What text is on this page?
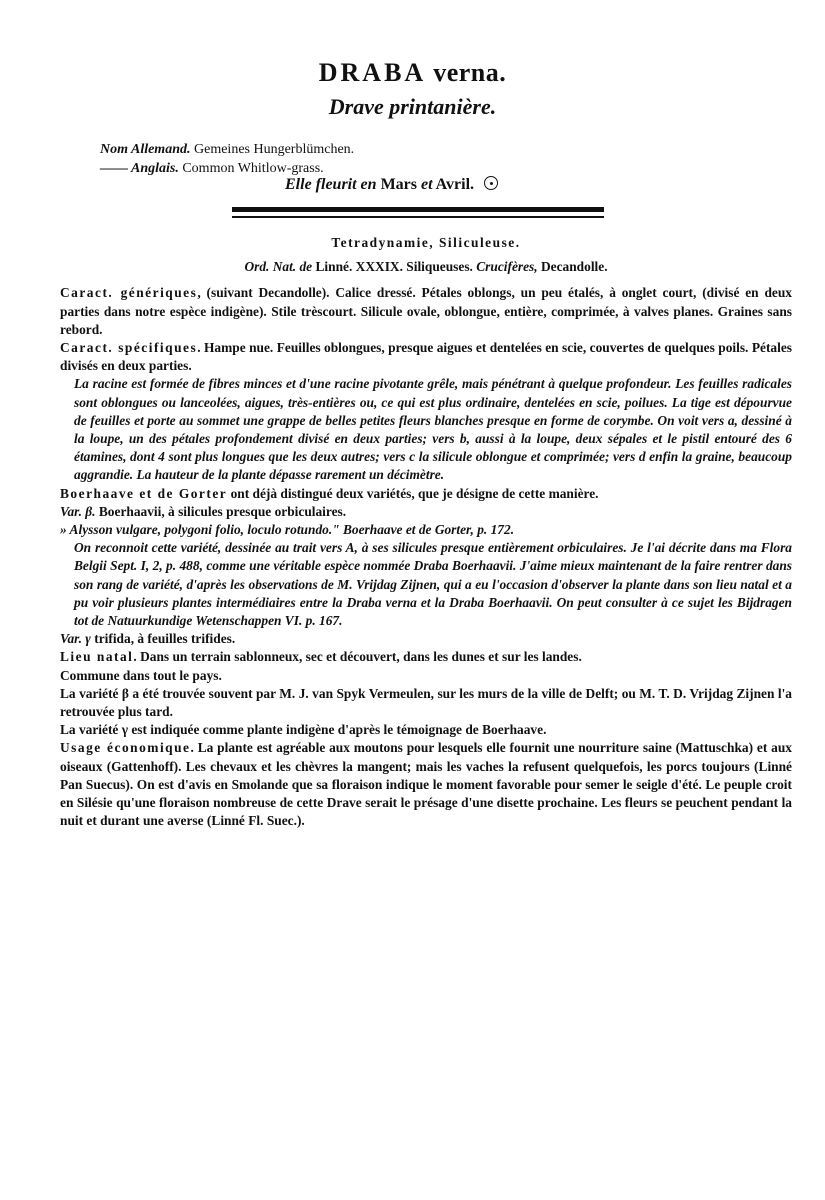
DRABA verna.
Drave printanière.
Nom Allemand. Gemeines Hungerblümchen.
—— Anglais. Common Whitlow-grass.
Elle fleurit en Mars et Avril.

Tetradynamie, Siliculeuse.

Ord. Nat. de Linné. XXXIX. Siliqueuses. Crucifères, Decandolle.

Caract. génériques, (suivant Decandolle). Calice dressé. Pétales oblongs, un peu étalés, à onglet court, (divisé en deux parties dans notre espèce indigène). Stile trèscourt. Silicule ovale, oblongue, entière, comprimée, à valves planes. Graines sans rebord.

Caract. spécifiques. Hampe nue. Feuilles oblongues, presque aigues et dentelées en scie, couvertes de quelques poils. Pétales divisés en deux parties.

La racine est formée de fibres minces et d'une racine pivotante grêle, mais pénétrant à quelque profondeur. Les feuilles radicales sont oblongues ou lanceolées, aigues, très-entières ou, ce qui est plus ordinaire, dentelées en scie, poilues. La tige est dépourvue de feuilles et porte au sommet une grappe de belles petites fleurs blanches presque en forme de corymbe. On voit vers a, dessiné à la loupe, un des pétales profondement divisé en deux parties; vers b, aussi à la loupe, deux sépales et le pistil entouré des 6 étamines, dont 4 sont plus longues que les deux autres; vers c la silicule oblongue et comprimée; vers d enfin la graine, beaucoup aggrandie. La hauteur de la plante dépasse rarement un décimètre.

Boerhaave et de Gorter ont déjà distingué deux variétés, que je désigne de cette manière.

Var. β. Boerhaavii, à silicules presque orbiculaires.

» Alysson vulgare, polygoni folio, loculo rotundo." Boerhaave et de Gorter, p. 172.

On reconnoit cette variété, dessinée au trait vers A, à ses silicules presque entièrement orbiculaires. Je l'ai décrite dans ma Flora Belgii Sept. I, 2, p. 488, comme une véritable espèce nommée Draba Boerhaavii. J'aime mieux maintenant de la faire rentrer dans son rang de variété, d'après les observations de M. Vrijdag Zijnen, qui a eu l'occasion d'observer la plante dans son lieu natal et a pu voir plusieurs plantes intermédiaires entre la Draba verna et la Draba Boerhaavii. On peut consulter à ce sujet les Bijdragen tot de Natuurkundige Wetenschappen VI. p. 167.

Var. γ trifida, à feuilles trifides.

Lieu natal. Dans un terrain sablonneux, sec et découvert, dans les dunes et sur les landes.

Commune dans tout le pays.

La variété β a été trouvée souvent par M. J. van Spyk Vermeulen, sur les murs de la ville de Delft; ou M. T. D. Vrijdag Zijnen l'a retrouvée plus tard.

La variété γ est indiquée comme plante indigène d'après le témoignage de Boerhaave.

Usage économique. La plante est agréable aux moutons pour lesquels elle fournit une nourriture saine (Mattuschka) et aux oiseaux (Gattenhoff). Les chevaux et les chèvres la mangent; mais les vaches la refusent quelquefois, les porcs toujours (Linné Pan Suecus). On est d'avis en Smolande que sa floraison indique le moment favorable pour semer le seigle d'été. Le peuple croit en Silésie qu'une floraison nombreuse de cette Drave serait le présage d'une disette prochaine. Les fleurs se peuchent pendant la nuit et durant une averse (Linné Fl. Suec.).
